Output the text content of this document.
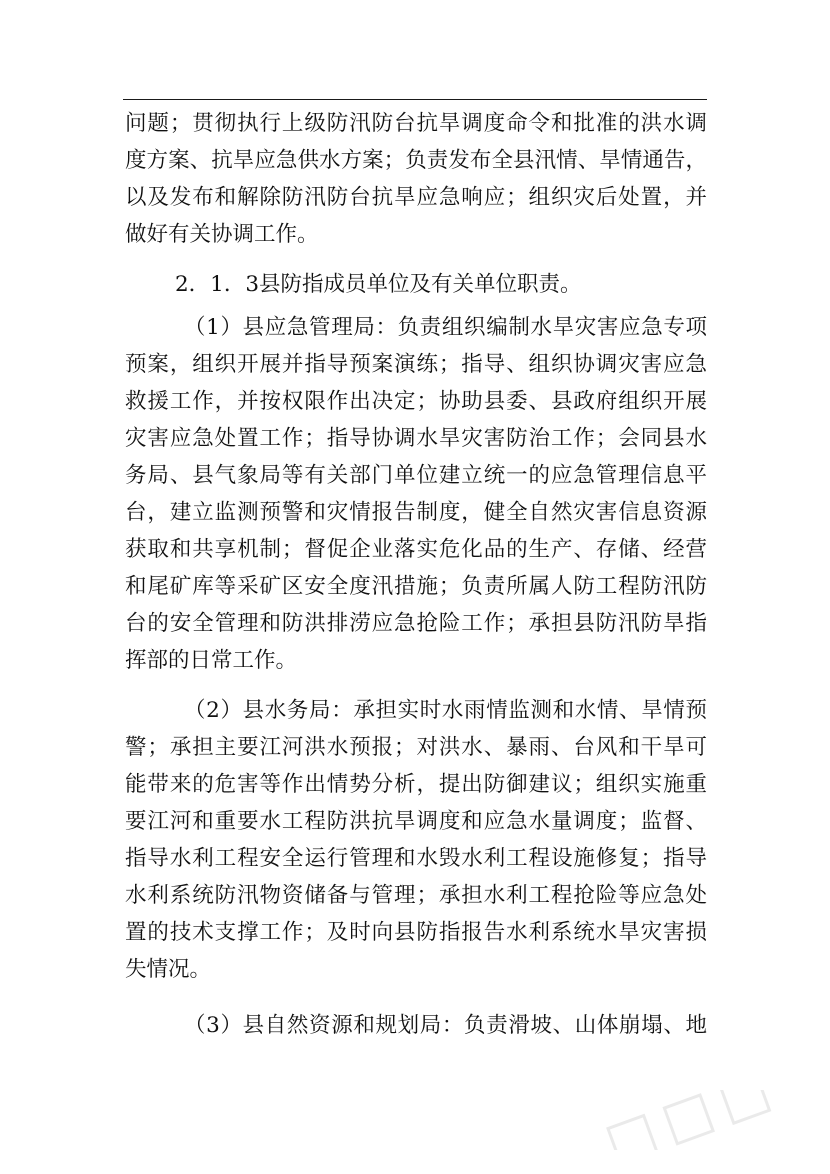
问题；贯彻执行上级防汛防台抗旱调度命令和批准的洪水调
度方案、抗旱应急供水方案；负责发布全县汛情、旱情通告，
以及发布和解除防汛防台抗旱应急响应；组织灾后处置，并
做好有关协调工作。
2．1．3县防指成员单位及有关单位职责。
（1）县应急管理局：负责组织编制水旱灾害应急专项
预案，组织开展并指导预案演练；指导、组织协调灾害应急
救援工作，并按权限作出决定；协助县委、县政府组织开展
灾害应急处置工作；指导协调水旱灾害防治工作；会同县水
务局、县气象局等有关部门单位建立统一的应急管理信息平
台，建立监测预警和灾情报告制度，健全自然灾害信息资源
获取和共享机制；督促企业落实危化品的生产、存储、经营
和尾矿库等采矿区安全度汛措施；负责所属人防工程防汛防
台的安全管理和防洪排涝应急抢险工作；承担县防汛防旱指
挥部的日常工作。
（2）县水务局：承担实时水雨情监测和水情、旱情预
警；承担主要江河洪水预报；对洪水、暴雨、台风和干旱可
能带来的危害等作出情势分析，提出防御建议；组织实施重
要江河和重要水工程防洪抗旱调度和应急水量调度；监督、
指导水利工程安全运行管理和水毁水利工程设施修复；指导
水利系统防汛物资储备与管理；承担水利工程抢险等应急处
置的技术支撑工作；及时向县防指报告水利系统水旱灾害损
失情况。
（3）县自然资源和规划局：负责滑坡、山体崩塌、地
